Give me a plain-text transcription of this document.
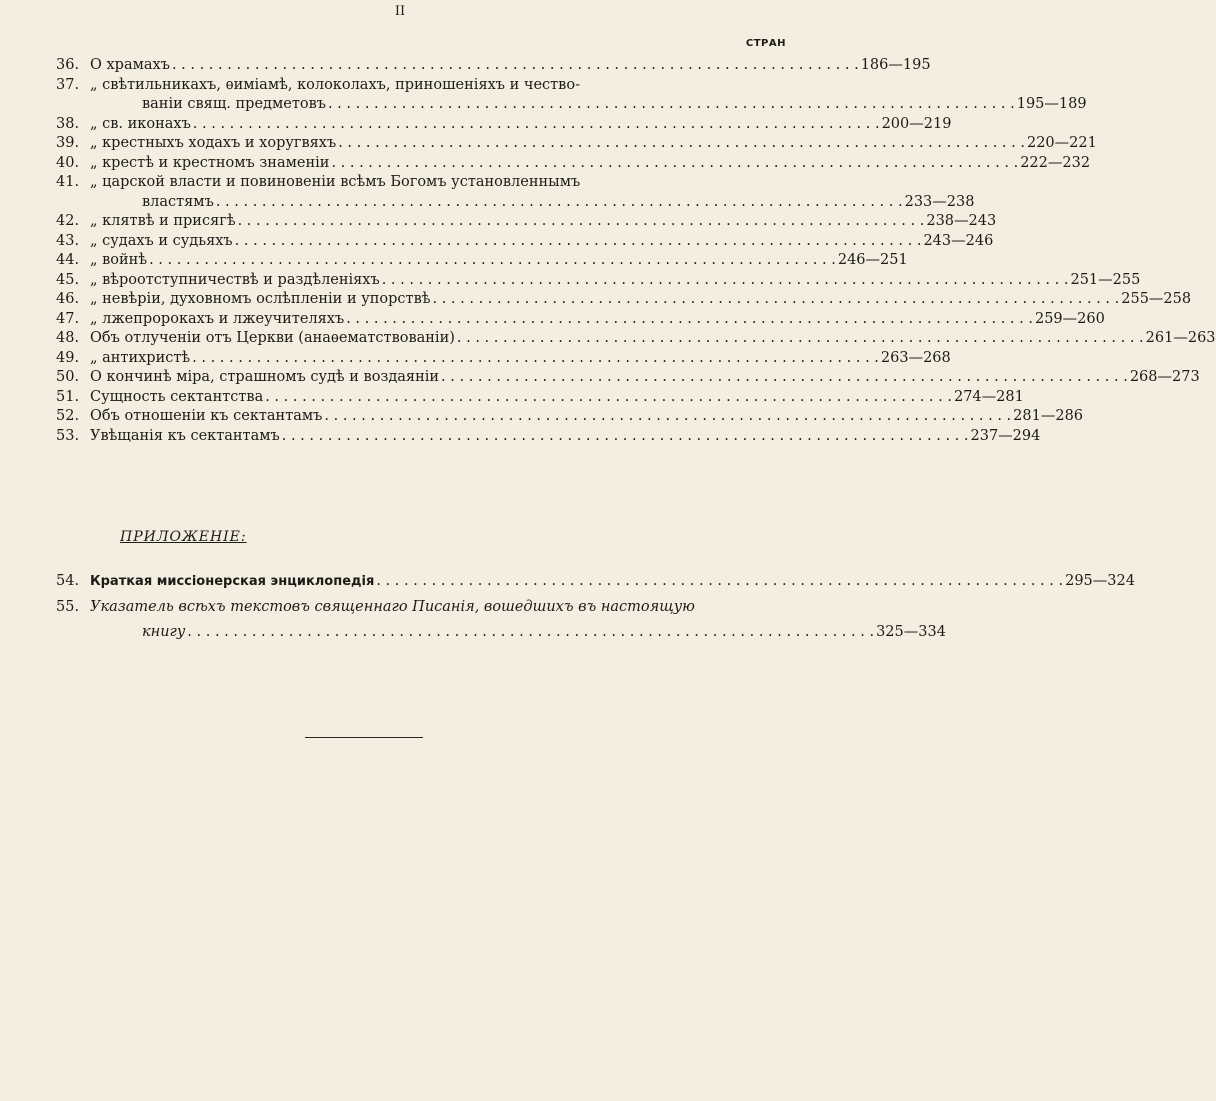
II
СТРАН
36. О храмахъ . . .	186—195
37. „ свѣтильникахъ, ѳиміамѣ, колоколахъ, приношеніяхъ и чество-
ваніи свящ. предметовъ . . .	195—189
38. „ св. иконахъ . . .	200—219
39. „ крестныхъ ходахъ и хоругвяхъ . . .	220—221
40. „ крестѣ и крестномъ знаменіи . . .	222—232
41. „ царской власти и повиновеніи всѣмъ Богомъ установленнымъ
властямъ . . .	233—238
42. „ клятвѣ и присягѣ . . .	238—243
43. „ судахъ и судьяхъ . . .	243—246
44. „ войнѣ . . .	246—251
45. „ вѣроотступничествѣ и раздѣленіяхъ . . .	251—255
46. „ невѣріи, духовномъ ослѣпленіи и упорствѣ . . .	255—258
47. „ лжепророкахъ и лжеучителяхъ . . .	259—260
48. Объ отлученіи отъ Церкви (анаѳематствованіи) . . .	261—263
49. „ антихристѣ . . .	263—268
50. О кончинѣ міра, страшномъ судѣ и воздаяніи . . .	268—273
51. Сущность сектантства . . .	274—281
52. Объ отношеніи къ сектантамъ . . .	281—286
53. Увѣщанія къ сектантамъ . . .	237—294
ПРИЛОЖЕНІЕ:
54. Краткая миссіонерская энциклопедія . . .	295—324
55. Указатель всѣхъ текстовъ священнаго Писанія, вошедшихъ въ настоящую
книгу . . .	325—334
